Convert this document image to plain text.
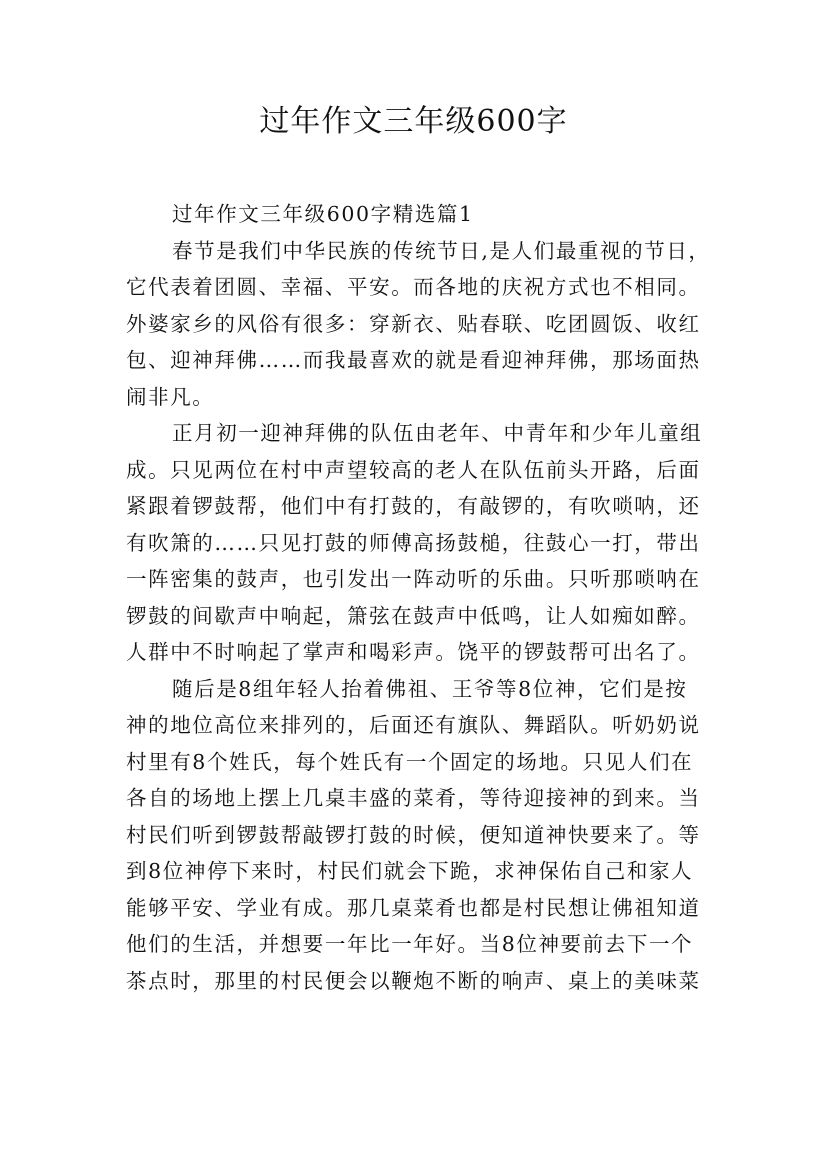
过年作文三年级600字
过年作文三年级600字精选篇1
春节是我们中华民族的传统节日,是人们最重视的节日，
它代表着团圆、幸福、平安。而各地的庆祝方式也不相同。
外婆家乡的风俗有很多：穿新衣、贴春联、吃团圆饭、收红
包、迎神拜佛……而我最喜欢的就是看迎神拜佛，那场面热
闹非凡。
正月初一迎神拜佛的队伍由老年、中青年和少年儿童组
成。只见两位在村中声望较高的老人在队伍前头开路，后面
紧跟着锣鼓帮，他们中有打鼓的，有敲锣的，有吹唢呐，还
有吹箫的……只见打鼓的师傅高扬鼓槌，往鼓心一打，带出
一阵密集的鼓声，也引发出一阵动听的乐曲。只听那唢呐在
锣鼓的间歇声中响起，箫弦在鼓声中低鸣，让人如痴如醉。
人群中不时响起了掌声和喝彩声。饶平的锣鼓帮可出名了。
随后是8组年轻人抬着佛祖、王爷等8位神，它们是按
神的地位高位来排列的，后面还有旗队、舞蹈队。听奶奶说
村里有8个姓氏，每个姓氏有一个固定的场地。只见人们在
各自的场地上摆上几桌丰盛的菜肴，等待迎接神的到来。当
村民们听到锣鼓帮敲锣打鼓的时候，便知道神快要来了。等
到8位神停下来时，村民们就会下跪，求神保佑自己和家人
能够平安、学业有成。那几桌菜肴也都是村民想让佛祖知道
他们的生活，并想要一年比一年好。当8位神要前去下一个
茶点时，那里的村民便会以鞭炮不断的响声、桌上的美味菜
